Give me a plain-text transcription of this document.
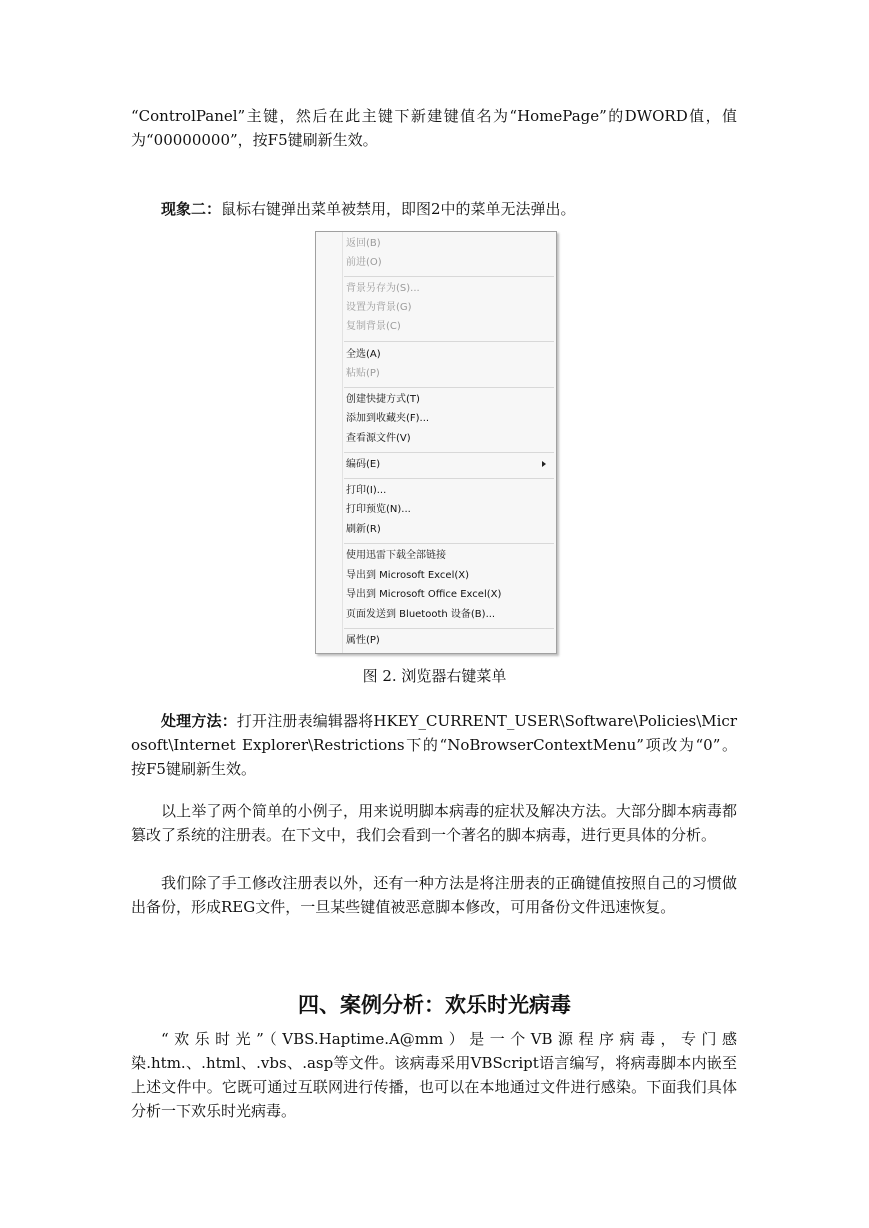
“ControlPanel”主键，然后在此主键下新建键值名为“HomePage”的DWORD值，值为“00000000”，按F5键刷新生效。

现象二：鼠标右键弹出菜单被禁用，即图2中的菜单无法弹出。

返回(B)
前进(O)
背景另存为(S)...
设置为背景(G)
复制背景(C)
全选(A)
粘贴(P)
创建快捷方式(T)
添加到收藏夹(F)...
查看源文件(V)
编码(E)
打印(I)...
打印预览(N)...
刷新(R)
使用迅雷下载全部链接
导出到 Microsoft Excel(X)
导出到 Microsoft Office Excel(X)
页面发送到 Bluetooth 设备(B)...
属性(P)
图 2. 浏览器右键菜单

处理方法：打开注册表编辑器将HKEY_CURRENT_USER\Software\Policies\Microsoft\Internet Explorer\Restrictions下的“NoBrowserContextMenu”项改为“0”。按F5键刷新生效。

以上举了两个简单的小例子，用来说明脚本病毒的症状及解决方法。大部分脚本病毒都篡改了系统的注册表。在下文中，我们会看到一个著名的脚本病毒，进行更具体的分析。

我们除了手工修改注册表以外，还有一种方法是将注册表的正确键值按照自己的习惯做出备份，形成REG文件，一旦某些键值被恶意脚本修改，可用备份文件迅速恢复。

四、案例分析：欢乐时光病毒

“欢乐时光”（VBS.Haptime.A@mm）是一个VB源程序病毒，专门感染.htm.、.html、.vbs、.asp等文件。该病毒采用VBScript语言编写，将病毒脚本内嵌至上述文件中。它既可通过互联网进行传播，也可以在本地通过文件进行感染。下面我们具体分析一下欢乐时光病毒。
